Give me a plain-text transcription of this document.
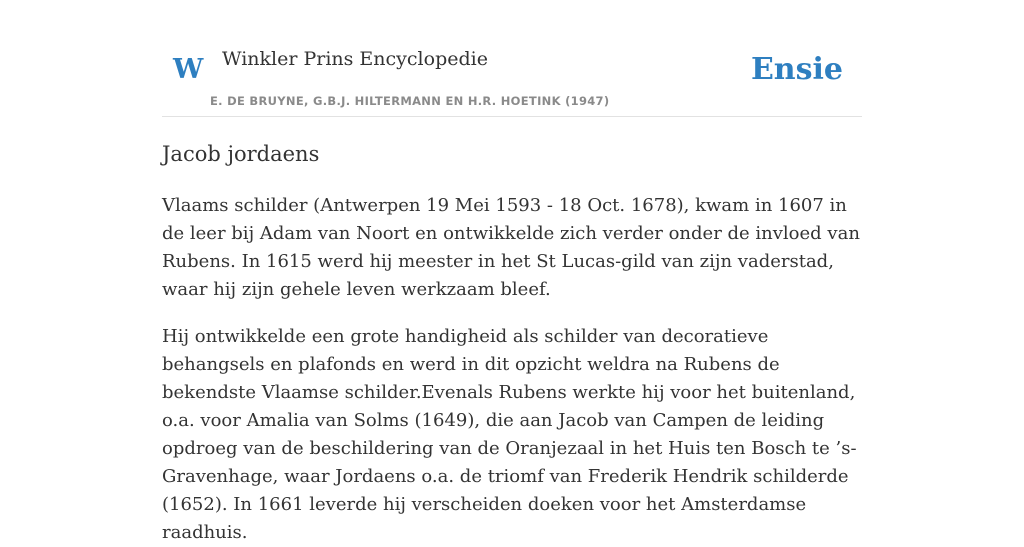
W Winkler Prins Encyclopedie
E. DE BRUYNE, G.B.J. HILTERMANN EN H.R. HOETINK (1947)
Ensie
Jacob jordaens

Vlaams schilder (Antwerpen 19 Mei 1593 - 18 Oct. 1678), kwam in 1607 in de leer bij Adam van Noort en ontwikkelde zich verder onder de invloed van Rubens. In 1615 werd hij meester in het St Lucas-gild van zijn vaderstad, waar hij zijn gehele leven werkzaam bleef.

Hij ontwikkelde een grote handigheid als schilder van decoratieve behangsels en plafonds en werd in dit opzicht weldra na Rubens de bekendste Vlaamse schilder.Evenals Rubens werkte hij voor het buitenland, o.a. voor Amalia van Solms (1649), die aan Jacob van Campen de leiding opdroeg van de beschildering van de Oranjezaal in het Huis ten Bosch te ’s-Gravenhage, waar Jordaens o.a. de triomf van Frederik Hendrik schilderde (1652). In 1661 leverde hij verscheiden doeken voor het Amsterdamse raadhuis.
